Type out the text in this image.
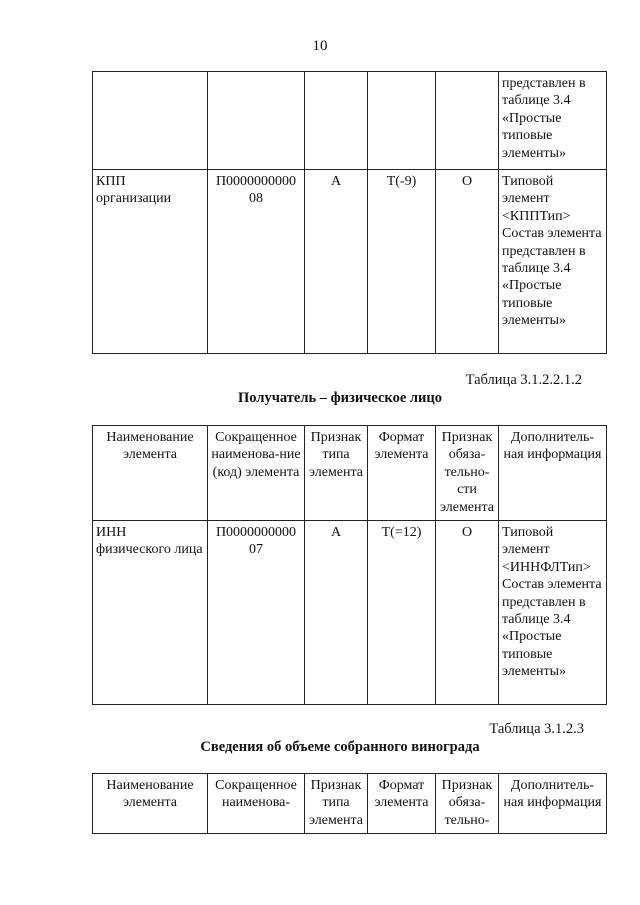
10
					представлен в таблице 3.4 «Простые типовые элементы»
КПП организации	П0000000000 08	А	Т(-9)	О	Типовой элемент <КППТип> Состав элемента представлен в таблице 3.4 «Простые типовые элементы»
Таблица 3.1.2.2.1.2
Получатель – физическое лицо
Наименование элемента	Сокращенное наименова-ние (код) элемента	Признак типа элемента	Формат элемента	Признак обяза-тельно-сти элемента	Дополнитель-ная информация
ИНН физического лица	П0000000000 07	А	Т(=12)	О	Типовой элемент <ИННФЛТип> Состав элемента представлен в таблице 3.4 «Простые типовые элементы»
Таблица 3.1.2.3
Сведения об объеме собранного винограда
Наименование элемента	Сокращенное наименова-	Признак типа элемента	Формат элемента	Признак обяза-тельно-	Дополнитель-ная информация
